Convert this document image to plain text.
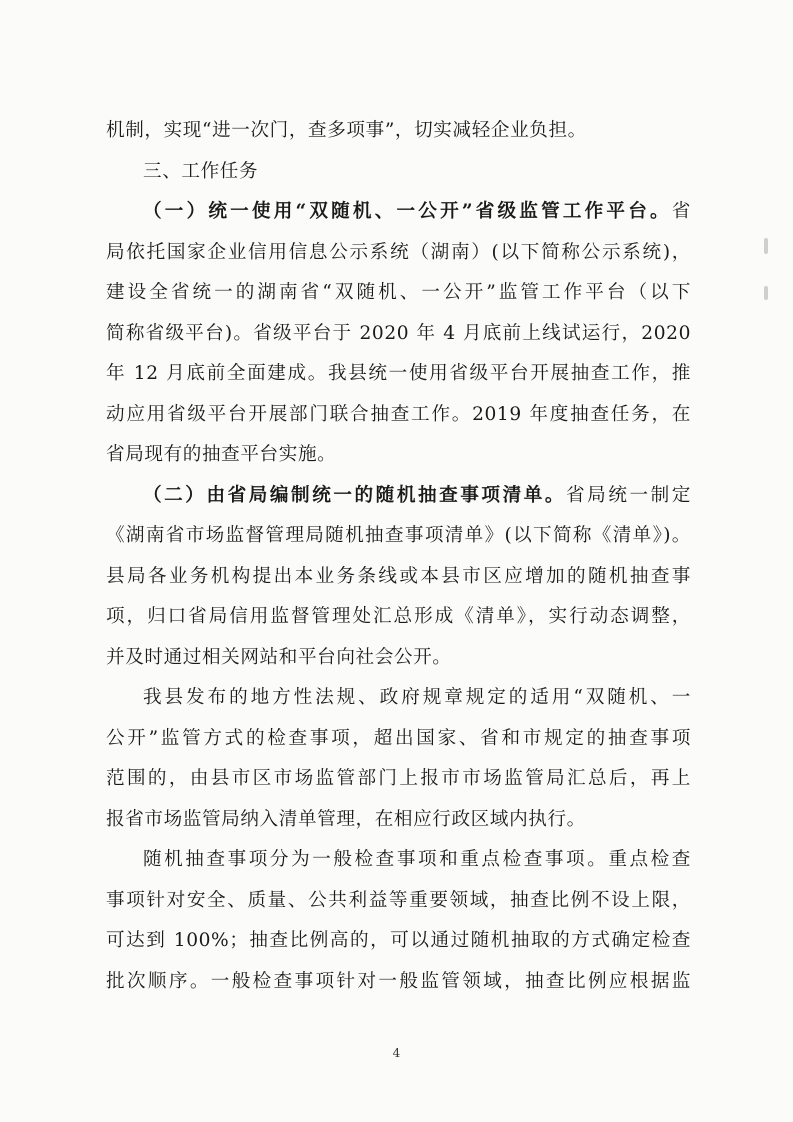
机制，实现“进一次门，查多项事”，切实减轻企业负担。
三、工作任务
（一）统一使用“双随机、一公开”省级监管工作平台。省
局依托国家企业信用信息公示系统（湖南）(以下简称公示系统)，
建设全省统一的湖南省“双随机、一公开”监管工作平台（以下
简称省级平台)。省级平台于 2020 年 4 月底前上线试运行，2020
年 12 月底前全面建成。我县统一使用省级平台开展抽查工作，推
动应用省级平台开展部门联合抽查工作。2019 年度抽查任务，在
省局现有的抽查平台实施。
（二）由省局编制统一的随机抽查事项清单。省局统一制定
《湖南省市场监督管理局随机抽查事项清单》(以下简称《清单》)。
县局各业务机构提出本业务条线或本县市区应增加的随机抽查事
项，归口省局信用监督管理处汇总形成《清单》，实行动态调整，
并及时通过相关网站和平台向社会公开。
我县发布的地方性法规、政府规章规定的适用“双随机、一
公开”监管方式的检查事项，超出国家、省和市规定的抽查事项
范围的，由县市区市场监管部门上报市市场监管局汇总后，再上
报省市场监管局纳入清单管理，在相应行政区域内执行。
随机抽查事项分为一般检查事项和重点检查事项。重点检查
事项针对安全、质量、公共利益等重要领域，抽查比例不设上限，
可达到 100%；抽查比例高的，可以通过随机抽取的方式确定检查
批次顺序。一般检查事项针对一般监管领域，抽查比例应根据监
4
